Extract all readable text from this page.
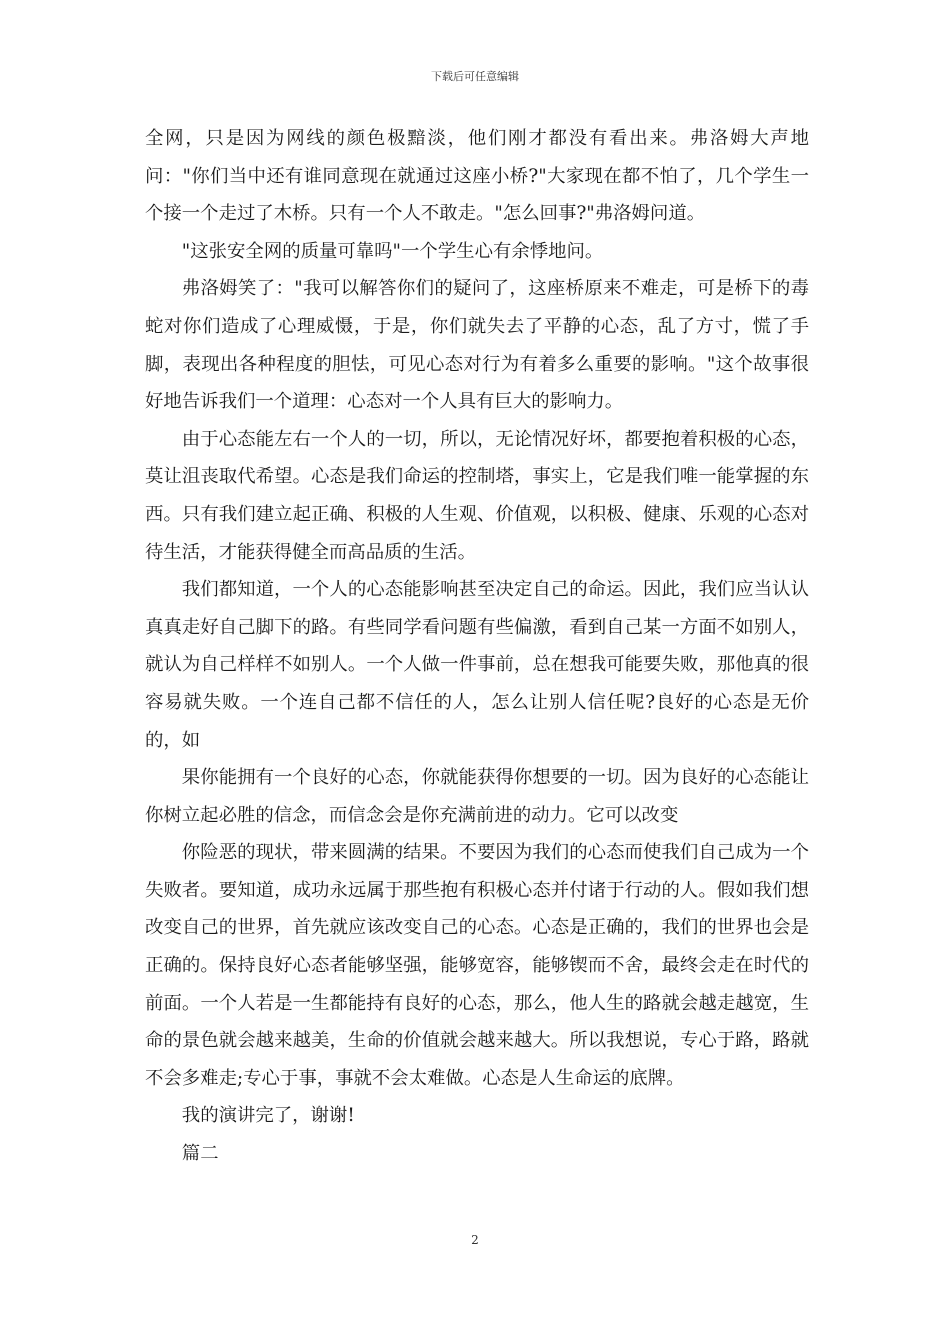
下载后可任意编辑

全网，只是因为网线的颜色极黯淡，他们刚才都没有看出来。弗洛姆大声地问："你们当中还有谁同意现在就通过这座小桥?"大家现在都不怕了，几个学生一个接一个走过了木桥。只有一个人不敢走。"怎么回事?"弗洛姆问道。

"这张安全网的质量可靠吗"一个学生心有余悸地问。

弗洛姆笑了："我可以解答你们的疑问了，这座桥原来不难走，可是桥下的毒蛇对你们造成了心理威慑，于是，你们就失去了平静的心态，乱了方寸，慌了手脚，表现出各种程度的胆怯，可见心态对行为有着多么重要的影响。"这个故事很好地告诉我们一个道理：心态对一个人具有巨大的影响力。

由于心态能左右一个人的一切，所以，无论情况好坏，都要抱着积极的心态，莫让沮丧取代希望。心态是我们命运的控制塔，事实上，它是我们唯一能掌握的东西。只有我们建立起正确、积极的人生观、价值观，以积极、健康、乐观的心态对待生活，才能获得健全而高品质的生活。

我们都知道，一个人的心态能影响甚至决定自己的命运。因此，我们应当认认真真走好自己脚下的路。有些同学看问题有些偏激，看到自己某一方面不如别人，就认为自己样样不如别人。一个人做一件事前，总在想我可能要失败，那他真的很容易就失败。一个连自己都不信任的人，怎么让别人信任呢?良好的心态是无价的，如

果你能拥有一个良好的心态，你就能获得你想要的一切。因为良好的心态能让你树立起必胜的信念，而信念会是你充满前进的动力。它可以改变

你险恶的现状，带来圆满的结果。不要因为我们的心态而使我们自己成为一个失败者。要知道，成功永远属于那些抱有积极心态并付诸于行动的人。假如我们想改变自己的世界，首先就应该改变自己的心态。心态是正确的，我们的世界也会是正确的。保持良好心态者能够坚强，能够宽容，能够锲而不舍，最终会走在时代的前面。一个人若是一生都能持有良好的心态，那么，他人生的路就会越走越宽，生命的景色就会越来越美，生命的价值就会越来越大。所以我想说，专心于路，路就不会多难走;专心于事，事就不会太难做。心态是人生命运的底牌。

我的演讲完了，谢谢!

篇二

2
